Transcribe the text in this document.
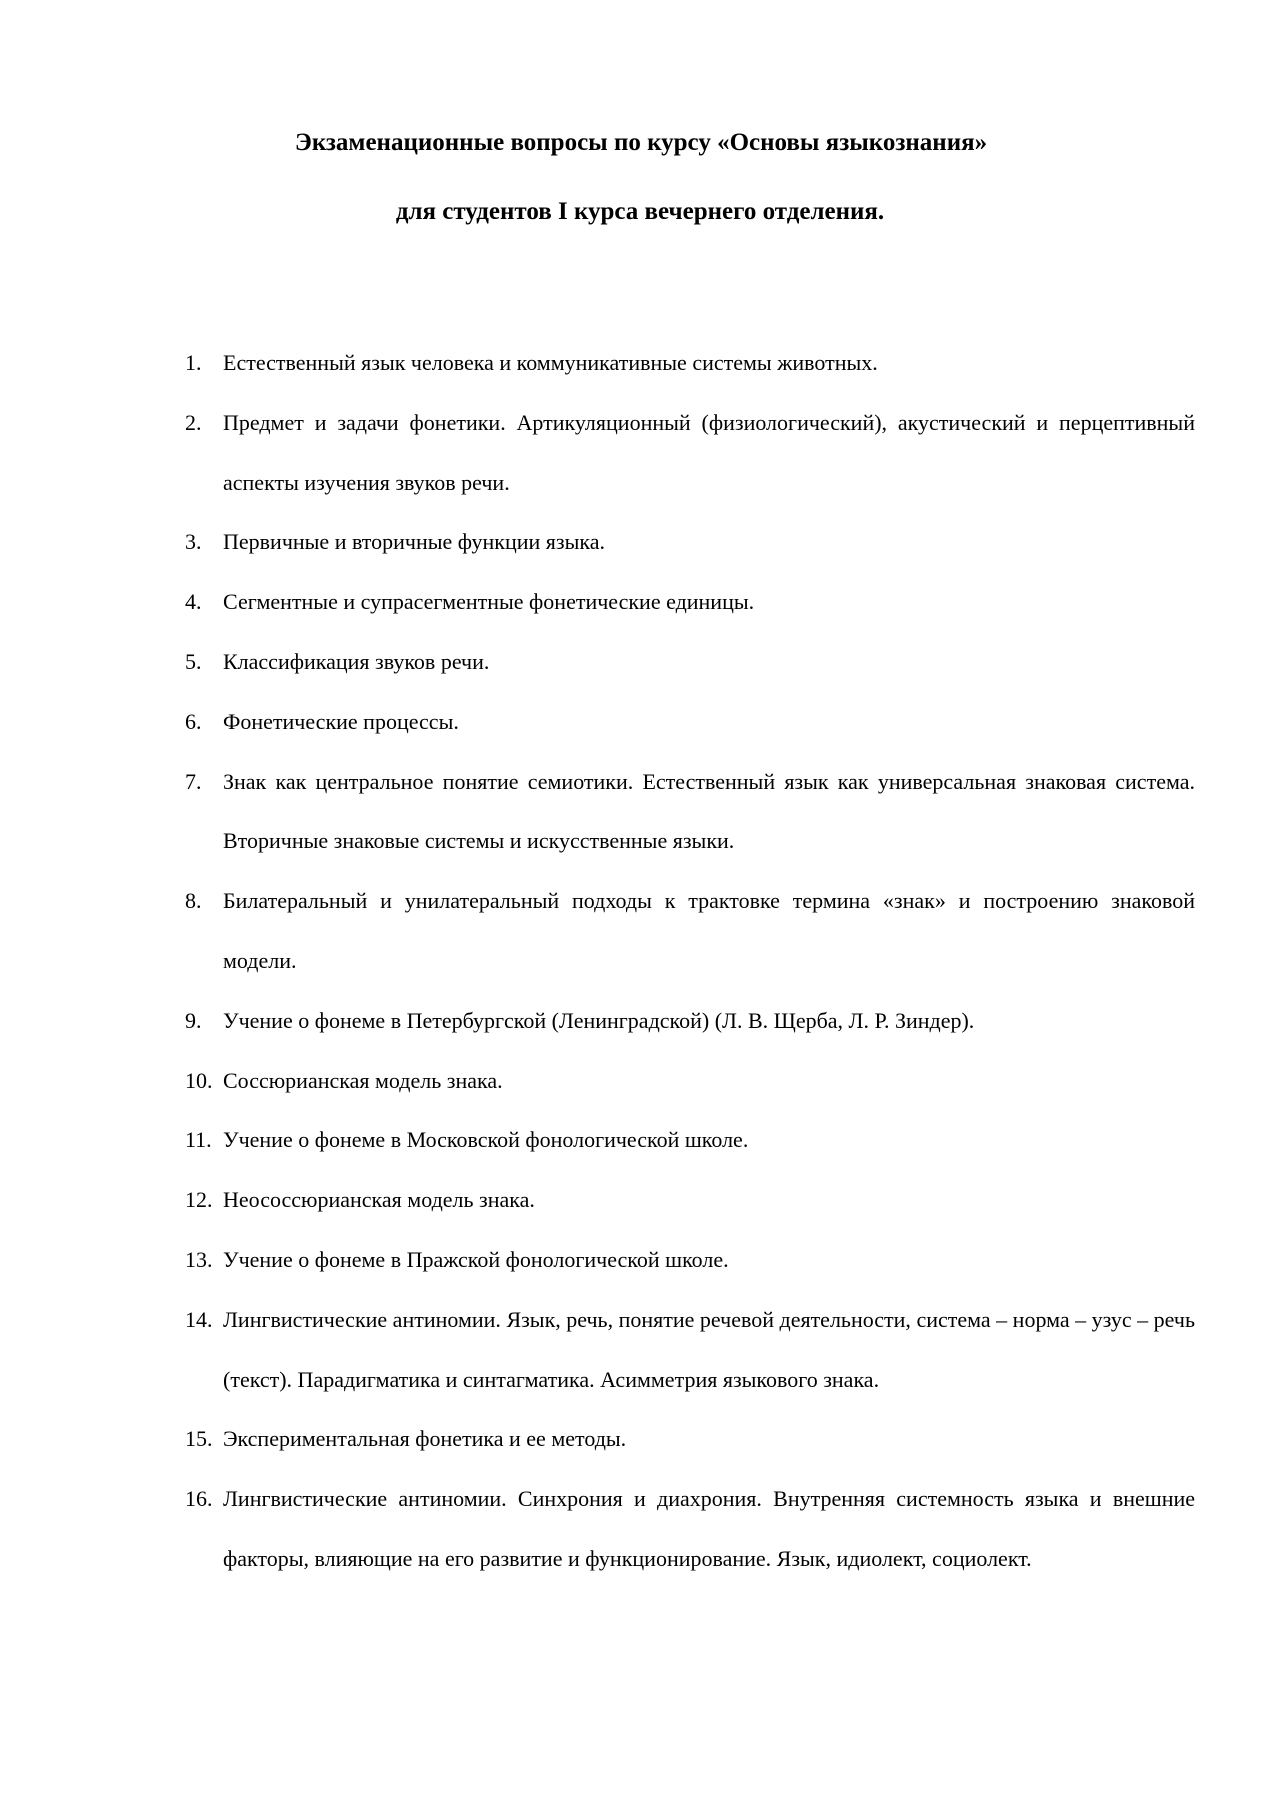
Экзаменационные вопросы по курсу «Основы языкознания»
для студентов I курса вечернего отделения.
1. Естественный язык человека и коммуникативные системы животных.
2. Предмет и задачи фонетики. Артикуляционный (физиологический), акустический и перцептивный аспекты изучения звуков речи.
3. Первичные и вторичные функции языка.
4. Сегментные и супрасегментные фонетические единицы.
5. Классификация звуков речи.
6. Фонетические процессы.
7. Знак как центральное понятие семиотики. Естественный язык как универсальная знаковая система. Вторичные знаковые системы и искусственные языки.
8. Билатеральный и унилатеральный подходы к трактовке термина «знак» и построению знаковой модели.
9. Учение о фонеме в Петербургской (Ленинградской) (Л. В. Щерба, Л. Р. Зиндер).
10. Соссюрианская модель знака.
11. Учение о фонеме в Московской фонологической школе.
12. Неососсюрианская модель знака.
13. Учение о фонеме в Пражской фонологической школе.
14. Лингвистические антиномии. Язык, речь, понятие речевой деятельности, система – норма – узус – речь (текст). Парадигматика и синтагматика. Асимметрия языкового знака.
15. Экспериментальная фонетика и ее методы.
16. Лингвистические антиномии. Синхрония и диахрония. Внутренняя системность языка и внешние факторы, влияющие на его развитие и функционирование. Язык, идиолект, социолект.
